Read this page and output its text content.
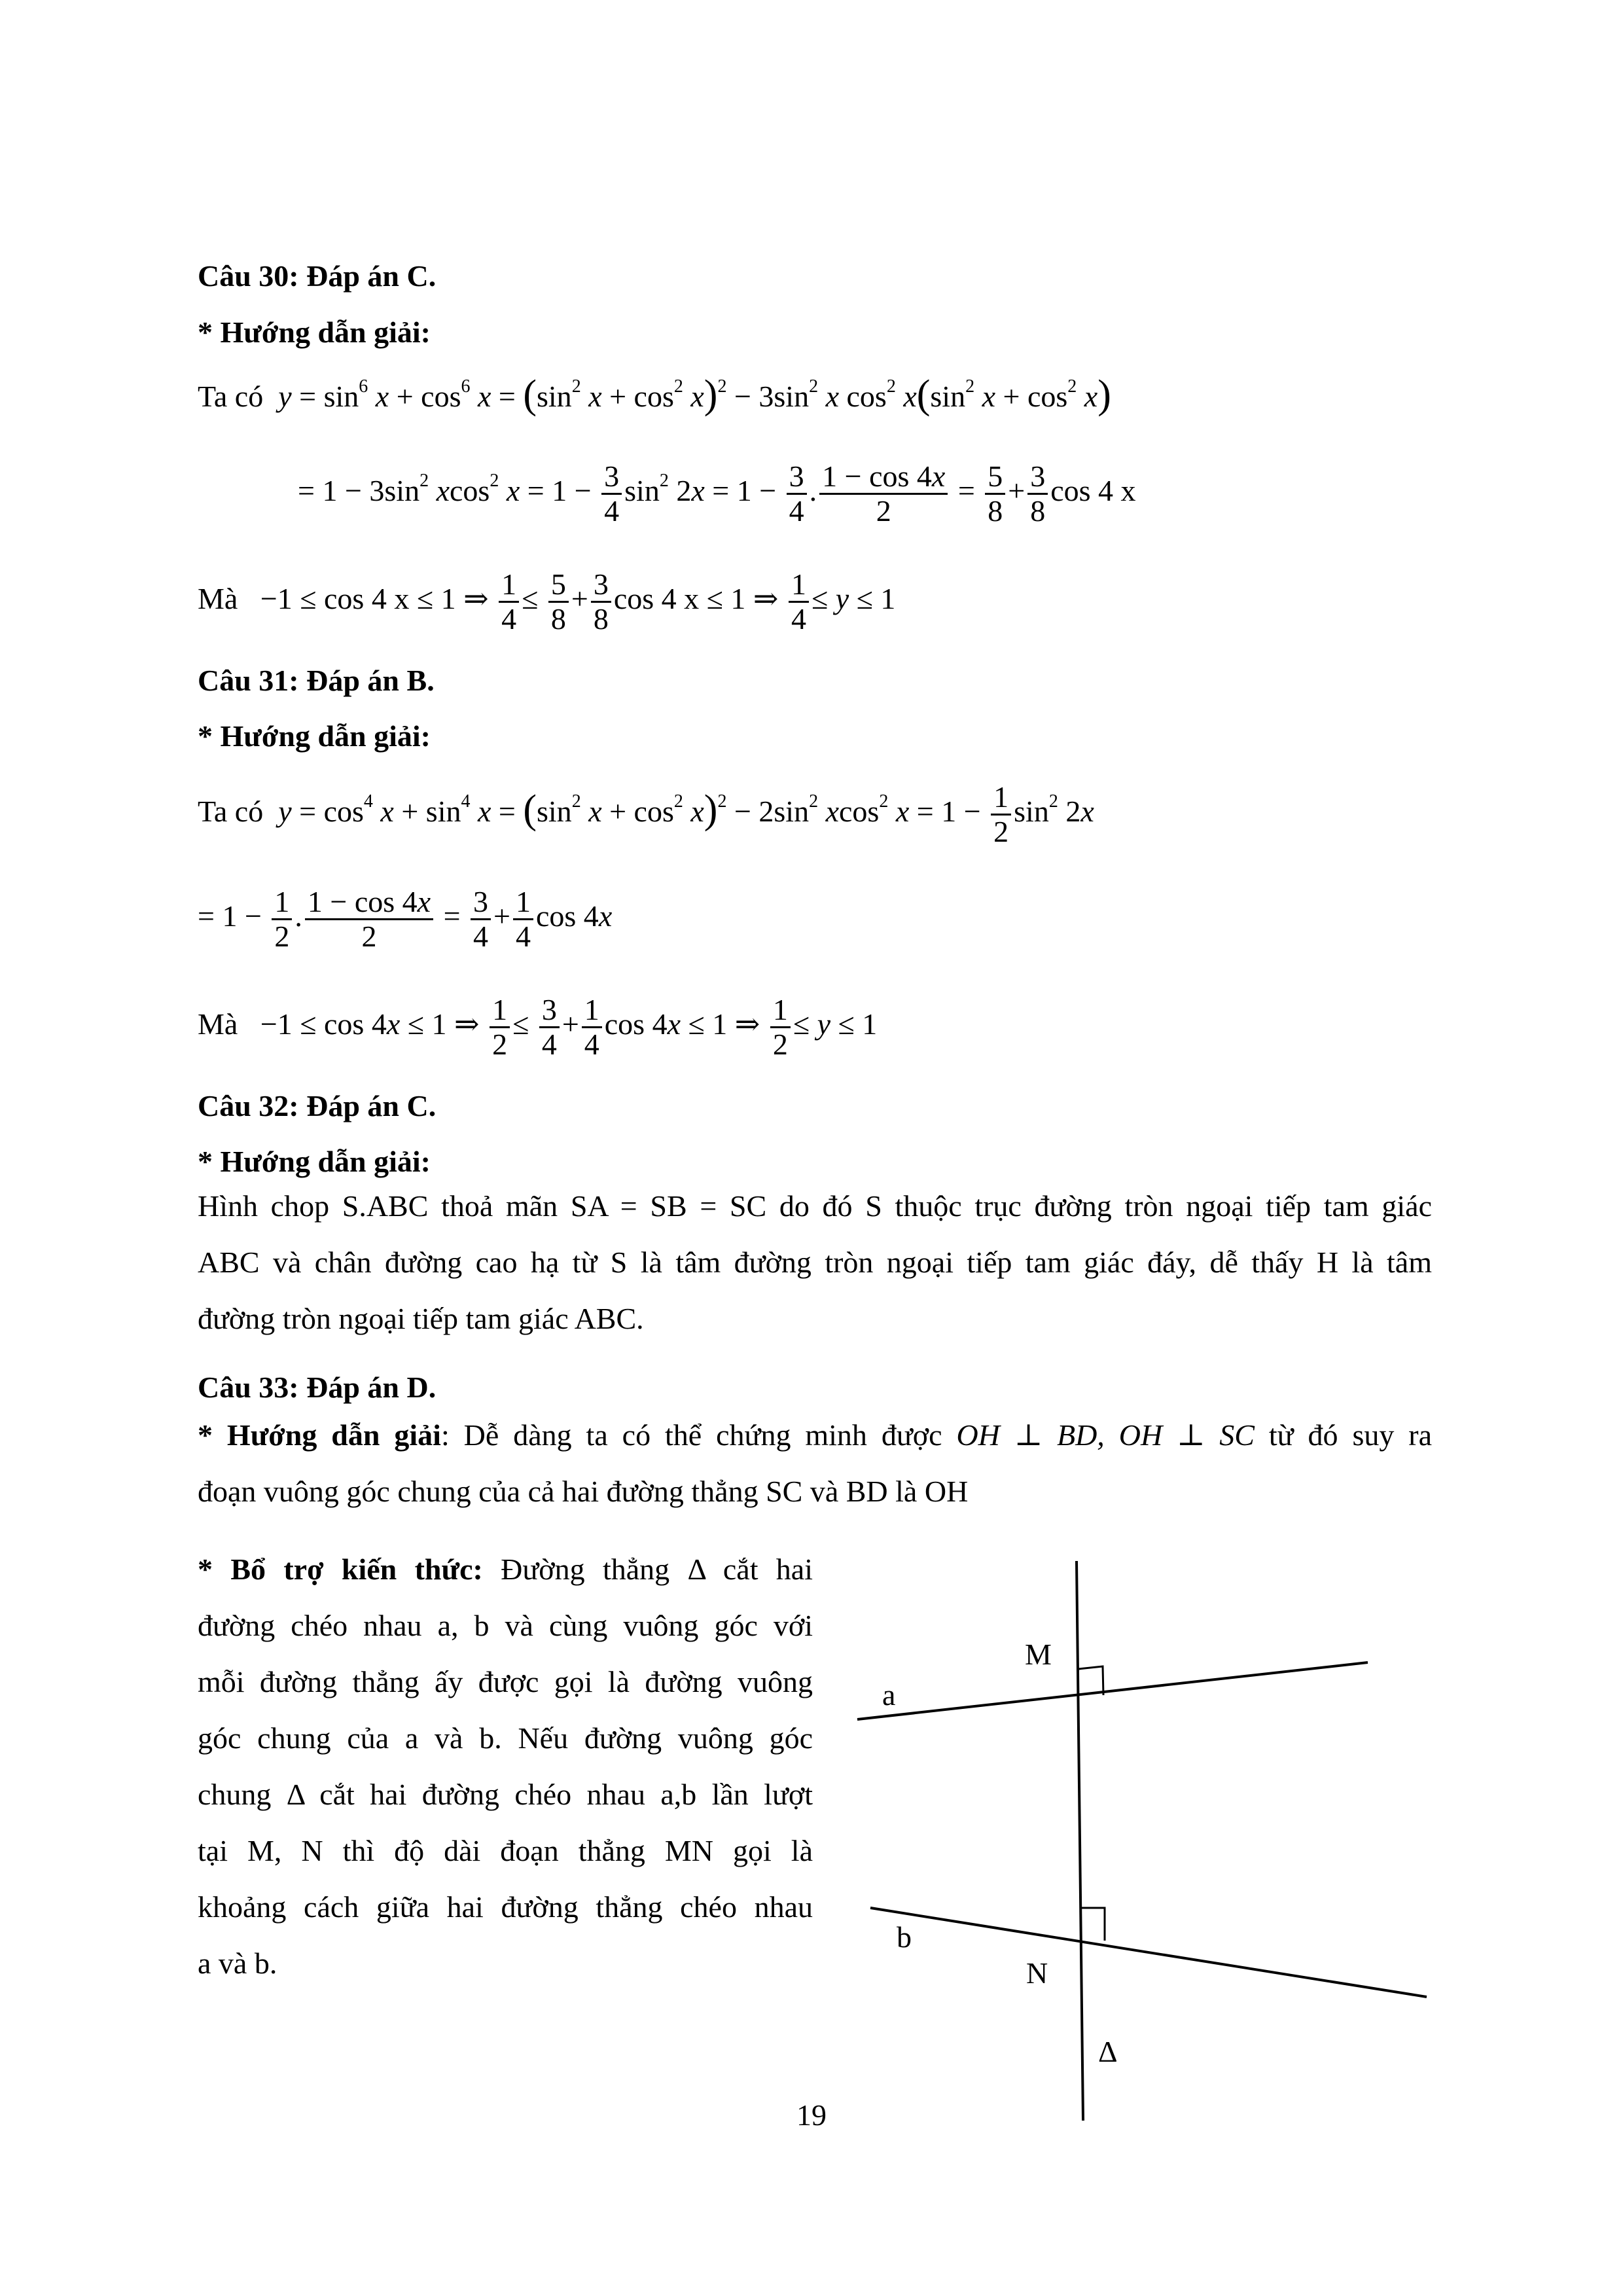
Câu 30: Đáp án C.
* Hướng dẫn giải:
Ta có $y = \sin^6 x + \cos^6 x = (\sin^2$ $x + \cos^2 x)^2 - 3\sin^2$ x $\cos^2 x(\sin^2$ $x + \cos^2 x$)
= $1 - 3\sin^2$ xcos$^2$ $x = 1 - \frac{3}{4} \sin^2 2x = 1 - \frac{3}{4}$ . $\frac{1 - \cos 4x}{2} = \frac{5}{8} + \frac{3}{8}$ cos 4 x
Mà   −1 ≤ cos 4 x ≤ 1 ⇒ $\frac{1}{4} \le \frac{5}{8} + \frac{3}{8}$ cos 4 x ≤ 1 ⇒ $\frac{1}{4} \le y \le 1$
Câu 31: Đáp án B.
* Hướng dẫn giải:
Ta có $y = \cos^4 x + \sin^4 x = (\sin^2$ $x + \cos^2 x)^2 - 2\sin^2$ xcos$^2$ $x = 1 - \frac{1}{2} \sin^2 2x$
= $1 - \frac{1}{2}$ . $\frac{1 - \cos 4x}{2} = \frac{3}{4} + \frac{1}{4}$ cos 4x
Mà   −1 ≤ cos 4x ≤ 1 ⇒ $\frac{1}{2} \le \frac{3}{4} + \frac{1}{4}$ cos 4x ≤ 1 ⇒ $\frac{1}{2} \le y \le 1$
Câu 32: Đáp án C.
* Hướng dẫn giải:
Hình chop S.ABC thoả mãn SA = SB = SC do đó S thuộc trục đường tròn ngoại tiếp tam giác
ABC và chân đường cao hạ từ S là tâm đường tròn ngoại tiếp tam giác đáy, dễ thấy H là tâm
đường tròn ngoại tiếp tam giác ABC.
Câu 33: Đáp án D.
* Hướng dẫn giải: Dễ dàng ta có thể chứng minh được OH ⊥ BD, OH ⊥ SC từ đó suy ra
đoạn vuông góc chung của cả hai đường thẳng SC và BD là OH
* Bổ trợ kiến thức: Đường thẳng Δ cắt hai
đường chéo nhau a, b và cùng vuông góc với
mỗi đường thẳng ấy được gọi là đường vuông
góc chung của a và b. Nếu đường vuông góc
chung Δ cắt hai đường chéo nhau a,b lần lượt
tại M, N thì độ dài đoạn thẳng MN gọi là
khoảng cách giữa hai đường thẳng chéo nhau
a và b.
M
a
b
N
Δ
19
